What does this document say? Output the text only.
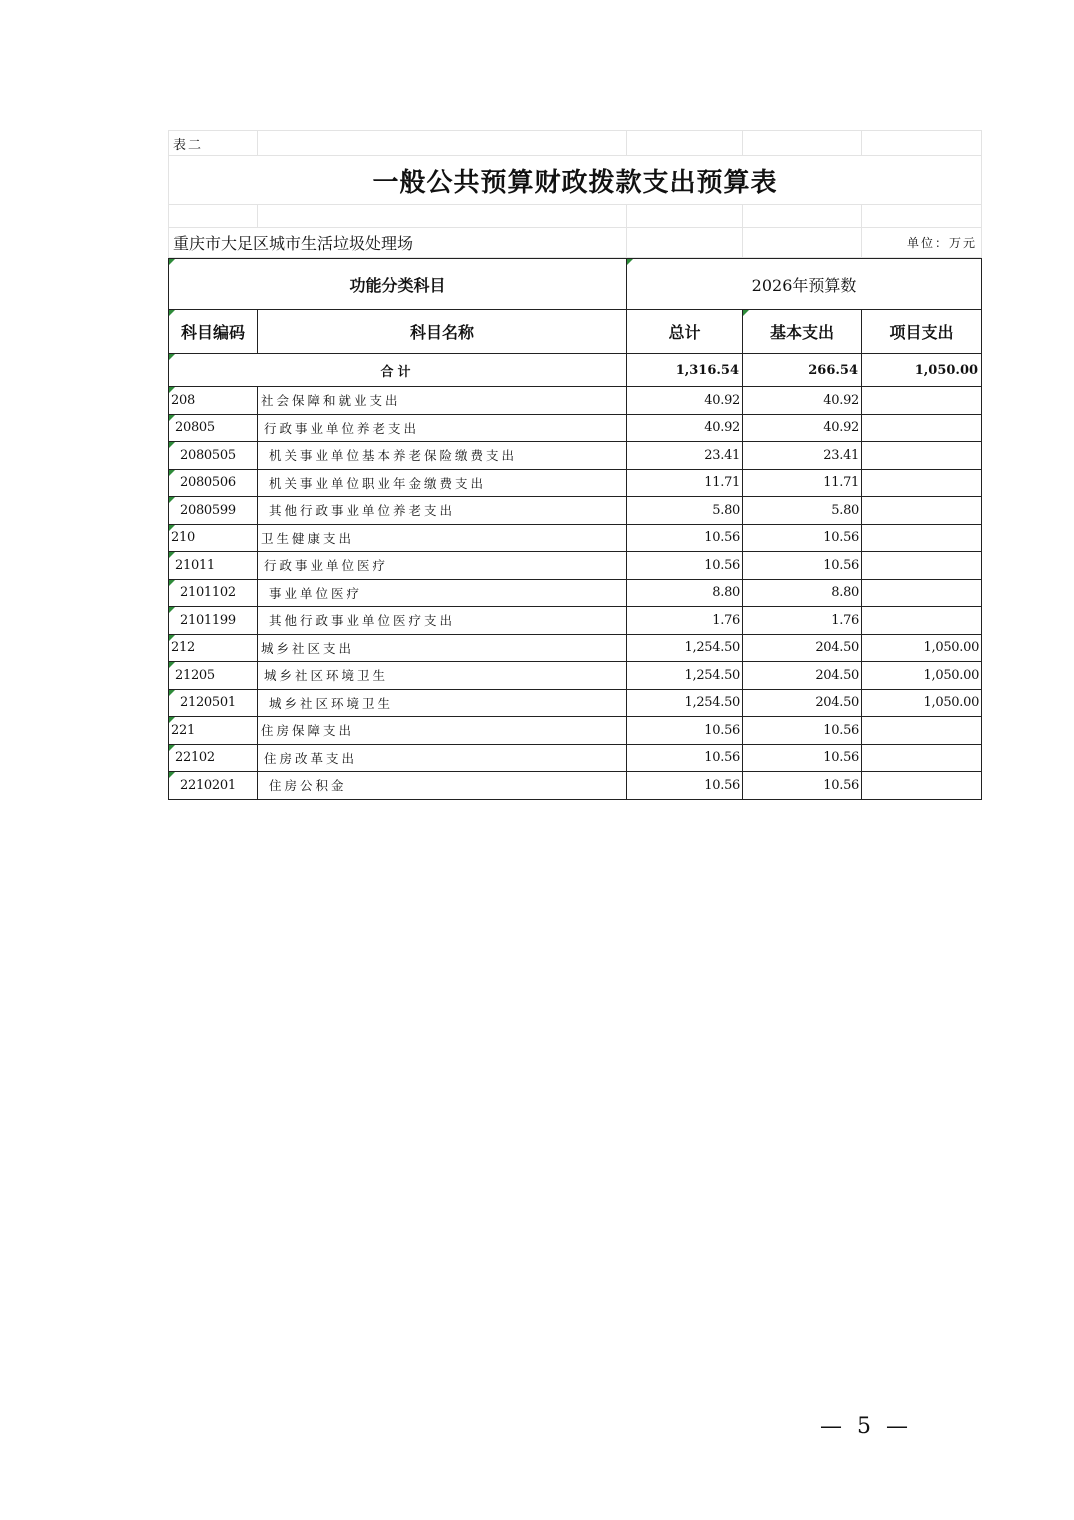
表二				
一般公共预算财政拨款支出预算表				

重庆市大足区城市生活垃圾处理场				单位：万元
功能分类科目		2026年预算数		
科目编码	科目名称	总计	基本支出	项目支出
合计		1,316.54	266.54	1,050.00
208	社会保障和就业支出	40.92	40.92	
20805	行政事业单位养老支出	40.92	40.92	
2080505	机关事业单位基本养老保险缴费支出	23.41	23.41	
2080506	机关事业单位职业年金缴费支出	11.71	11.71	
2080599	其他行政事业单位养老支出	5.80	5.80	
210	卫生健康支出	10.56	10.56	
21011	行政事业单位医疗	10.56	10.56	
2101102	事业单位医疗	8.80	8.80	
2101199	其他行政事业单位医疗支出	1.76	1.76	
212	城乡社区支出	1,254.50	204.50	1,050.00
21205	城乡社区环境卫生	1,254.50	204.50	1,050.00
2120501	城乡社区环境卫生	1,254.50	204.50	1,050.00
221	住房保障支出	10.56	10.56	
22102	住房改革支出	10.56	10.56	
2210201	住房公积金	10.56	10.56	
— 5 —
